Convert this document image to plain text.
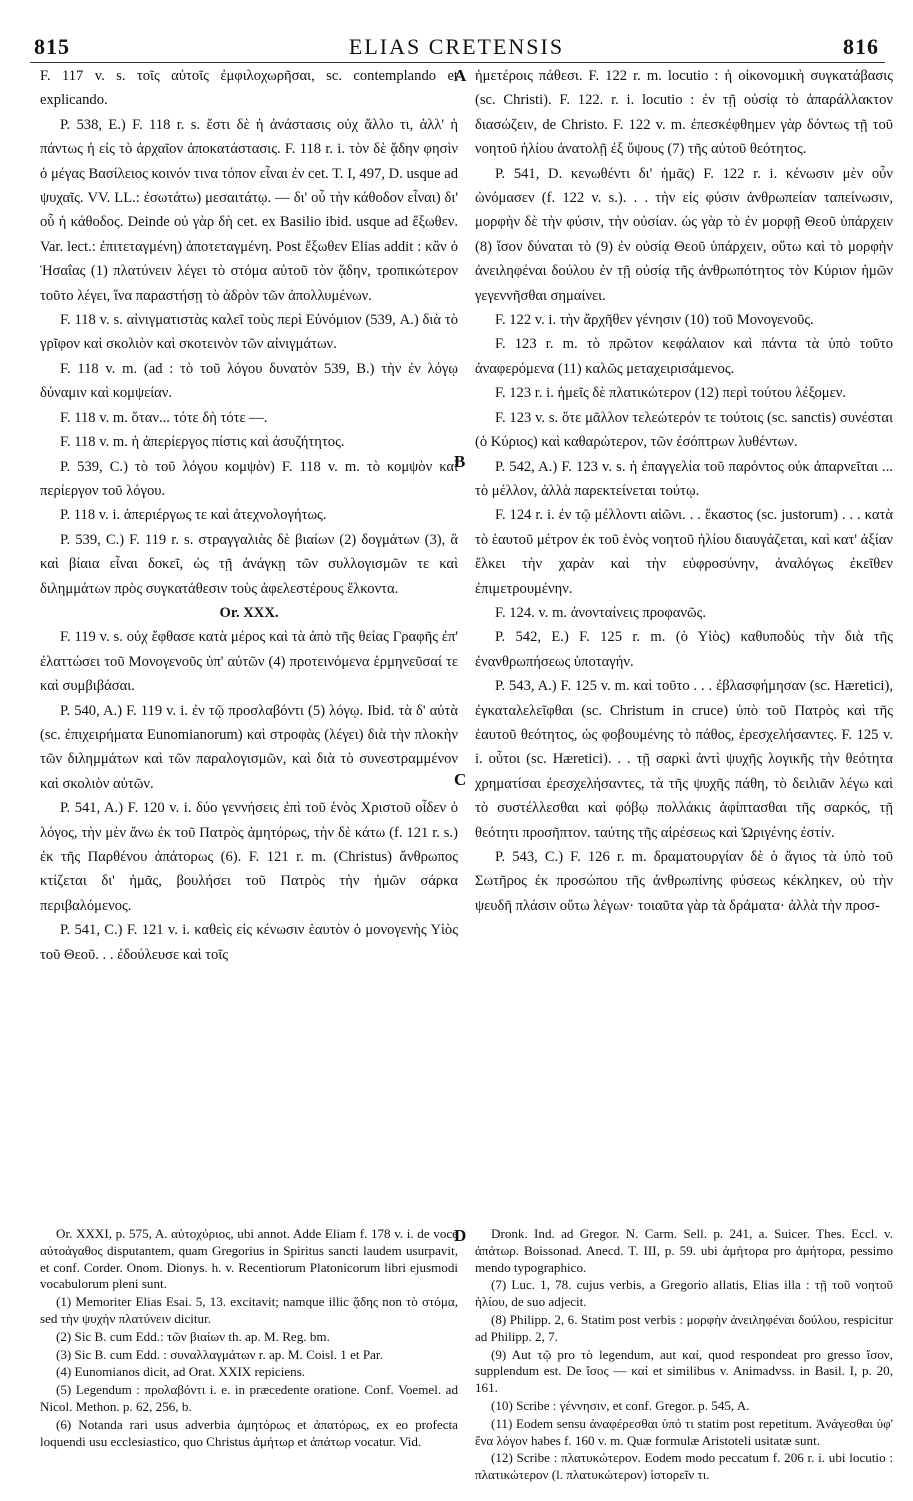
815	ELIAS CRETENSIS	816
A
B
C
D

F. 117 v. s. τοῖς αὐτοῖς ἐμφιλοχωρῆσαι, sc. contemplando et explicando.

P. 538, E.) F. 118 r. s. ἔστι δὲ ἡ ἀνάστασις οὐχ ἄλλο τι, ἀλλ' ἡ πάντως ἡ εἰς τὸ ἀρχαῖον ἀποκατάστασις. F. 118 r. i. τὸν δὲ ᾅδην φησὶν ὁ μέγας Βασίλειος κοινόν τινα τόπον εἶναι ἐν cet. T. I, 497, D. usque ad ψυχαῖς. VV. LL.: ἐσωτάτω) μεσαιτάτῳ. — δι' οὗ τὴν κάθοδον εἶναι) δι' οὗ ἡ κάθοδος. Deinde οὐ γὰρ δὴ cet. ex Basilio ibid. usque ad ἔξωθεν. Var. lect.: ἐπιτεταγμένη) ἀποτεταγμένη. Post ἔξωθεν Elias addit : κἂν ὁ Ἡσαΐας (1) πλατύνειν λέγει τὸ στόμα αὐτοῦ τὸν ᾅδην, τροπικώτερον τοῦτο λέγει, ἵνα παραστήσῃ τὸ ἀδρὸν τῶν ἀπολλυμένων.

F. 118 v. s. αἰνιγματιστὰς καλεῖ τοὺς περὶ Εὐνόμιον (539, A.) διὰ τὸ γρῖφον καὶ σκολιὸν καὶ σκοτεινὸν τῶν αἰνιγμάτων.

F. 118 v. m. (ad : τὸ τοῦ λόγου δυνατὸν 539, B.) τὴν ἐν λόγῳ δύναμιν καὶ κομψείαν.

F. 118 v. m. ὅταν... τότε δὴ τότε —.

F. 118 v. m. ἡ ἀπερίεργος πίστις καὶ ἀσυζήτητος.

P. 539, C.) τὸ τοῦ λόγου κομψὸν) F. 118 v. m. τὸ κομψὸν καὶ περίεργον τοῦ λόγου.

P. 118 v. i. ἀπεριέργως τε καὶ ἀτεχνολογήτως.

P. 539, C.) F. 119 r. s. στραγγαλιὰς δὲ βιαίων (2) δογμάτων (3), ἃ καὶ βίαια εἶναι δοκεῖ, ὡς τῇ ἀνάγκῃ τῶν συλλογισμῶν τε καὶ διλημμάτων πρὸς συγκατάθεσιν τοὺς ἀφελεστέρους ἕλκοντα.

Or. XXX.

F. 119 v. s. οὐχ ἔφθασε κατὰ μέρος καὶ τὰ ἀπὸ τῆς θείας Γραφῆς ἐπ' ἐλαττώσει τοῦ Μονογενοῦς ὑπ' αὐτῶν (4) προτεινόμενα ἑρμηνεῦσαί τε καὶ συμβιβάσαι.

P. 540, A.) F. 119 v. i. ἐν τῷ προσλαβόντι (5) λόγῳ. Ibid. τὰ δ' αὐτὰ (sc. ἐπιχειρήματα Eunomianorum) καὶ στροφὰς (λέγει) διὰ τὴν πλοκὴν τῶν διλημμάτων καὶ τῶν παραλογισμῶν, καὶ διὰ τὸ συνεστραμμένον καὶ σκολιὸν αὐτῶν.

P. 541, A.) F. 120 v. i. δύο γεννήσεις ἐπὶ τοῦ ἑνὸς Χριστοῦ οἶδεν ὁ λόγος, τὴν μὲν ἄνω ἐκ τοῦ Πατρὸς ἀμητόρως, τὴν δὲ κάτω (f. 121 r. s.) ἐκ τῆς Παρθένου ἀπάτορως (6). F. 121 r. m. (Christus) ἄνθρωπος κτίζεται δι' ἡμᾶς, βουλήσει τοῦ Πατρὸς τὴν ἡμῶν σάρκα περιβαλόμενος.

P. 541, C.) F. 121 v. i. καθεὶς εἰς κένωσιν ἑαυτὸν ὁ μονογενὴς Υἱὸς τοῦ Θεοῦ. . . ἐδούλευσε καὶ τοῖς

ἡμετέροις πάθεσι. F. 122 r. m. locutio : ἡ οἰκονομικὴ συγκατάβασις (sc. Christi). F. 122. r. i. locutio : ἐν τῇ οὐσίᾳ τὸ ἀπαράλλακτον διασώζειν, de Christo. F. 122 v. m. ἐπεσκέφθημεν γὰρ δόντως τῇ τοῦ νοητοῦ ἡλίου ἀνατολῇ ἐξ ὕψους (7) τῆς αὐτοῦ θεότητος.

P. 541, D. κενωθέντι δι' ἡμᾶς) F. 122 r. i. κένωσιν μὲν οὖν ὠνόμασεν (f. 122 v. s.). . . τὴν εἰς φύσιν ἀνθρωπείαν ταπείνωσιν, μορφὴν δὲ τὴν φύσιν, τὴν οὐσίαν. ὡς γὰρ τὸ ἐν μορφῇ Θεοῦ ὑπάρχειν (8) ἴσον δύναται τὸ (9) ἐν οὐσίᾳ Θεοῦ ὑπάρχειν, οὕτω καὶ τὸ μορφὴν ἀνειληφέναι δούλου ἐν τῇ οὐσίᾳ τῆς ἀνθρωπότητος τὸν Κύριον ἡμῶν γεγεννῆσθαι σημαίνει.

F. 122 v. i. τὴν ἄρχῆθεν γένησιν (10) τοῦ Μονογενοῦς.

F. 123 r. m. τὸ πρῶτον κεφάλαιον καὶ πάντα τὰ ὑπὸ τοῦτο ἀναφερόμενα (11) καλῶς μεταχειρισάμενος.

F. 123 r. i. ἡμεῖς δὲ πλατικώτερον (12) περὶ τούτου λέξομεν.

F. 123 v. s. ὅτε μᾶλλον τελεώτερόν τε τούτοις (sc. sanctis) συνέσται (ὁ Κύριος) καὶ καθαρώτερον, τῶν ἐσόπτρων λυθέντων.

P. 542, A.) F. 123 v. s. ἡ ἐπαγγελία τοῦ παρόντος οὐκ ἀπαρνεῖται ... τὸ μέλλον, ἀλλὰ παρεκτείνεται τούτῳ.

F. 124 r. i. ἐν τῷ μέλλοντι αἰῶνι. . . ἕκαστος (sc. justorum) . . . κατὰ τὸ ἑαυτοῦ μέτρον ἐκ τοῦ ἑνὸς νοητοῦ ἡλίου διαυγάζεται, καὶ κατ' ἀξίαν ἕλκει τὴν χαρὰν καὶ τὴν εὐφροσύνην, ἀναλόγως ἐκεῖθεν ἐπιμετρουμένην.

F. 124. v. m. ἀνονταίνεις προφανῶς.

P. 542, E.) F. 125 r. m. (ὁ Υἱὸς) καθυποδὺς τὴν διὰ τῆς ἐνανθρωπήσεως ὑποταγήν.

P. 543, A.) F. 125 v. m. καὶ τοῦτο . . . ἐβλασφήμησαν (sc. Hæretici), ἐγκαταλελεῖφθαι (sc. Christum in cruce) ὑπὸ τοῦ Πατρὸς καὶ τῆς ἑαυτοῦ θεότητος, ὡς φοβουμένης τὸ πάθος, ἐρεσχελήσαντες. F. 125 v. i. οὗτοι (sc. Hæretici). . . τῇ σαρκὶ ἀντὶ ψυχῆς λογικῆς τὴν θεότητα χρηματίσαι ἐρεσχελήσαντες, τὰ τῆς ψυχῆς πάθη, τὸ δειλιᾶν λέγω καὶ τὸ συστέλλεσθαι καὶ φόβῳ πολλάκις ἀφίπτασθαι τῆς σαρκός, τῇ θεότητι προσῆπτον. ταύτης τῆς αἱρέσεως καὶ Ὠριγένης ἐστίν.

P. 543, C.) F. 126 r. m. δραματουργίαν δὲ ὁ ἅγιος τὰ ὑπὸ τοῦ Σωτῆρος ἐκ προσώπου τῆς ἀνθρωπίνης φύσεως κέκληκεν, οὐ τὴν ψευδῆ πλάσιν οὕτω λέγων· τοιαῦτα γὰρ τὰ δράματα· ἀλλὰ τὴν προσ-

Or. XXXI, p. 575, A. αὐτοχύριος, ubi annot. Adde Eliam f. 178 v. i. de voce αὐτοάγαθος disputantem, quam Gregorius in Spiritus sancti laudem usurpavit, et conf. Corder. Onom. Dionys. h. v. Recentiorum Platonicorum libri ejusmodi vocabulorum pleni sunt.

(1) Memoriter Elias Esai. 5, 13. excitavit; namque illic ᾅδης non τὸ στόμα, sed τὴν ψυχὴν πλατύνειν dicitur.

(2) Sic B. cum Edd.: τῶν βιαίων th. ap. M. Reg. bm.

(3) Sic B. cum Edd. : συναλλαγμάτων r. ap. M. Coisl. 1 et Par.

(4) Eunomianos dicit, ad Orat. XXIX repiciens.

(5) Legendum : προλαβόντι i. e. in præcedente oratione. Conf. Voemel. ad Nicol. Methon. p. 62, 256, b.

(6) Notanda rari usus adverbia ἀμητόρως et ἀπατόρως, ex eo profecta loquendi usu ecclesiastico, quo Christus ἀμήτωρ et ἀπάτωρ vocatur. Vid.

Dronk. Ind. ad Gregor. N. Carm. Sell. p. 241, a. Suicer. Thes. Eccl. v. ἀπάτωρ. Boissonad. Anecd. T. III, p. 59. ubi ἀμήτορα pro ἀμήτορα, pessimo mendo typographico.

(7) Luc. 1, 78. cujus verbis, a Gregorio allatis, Elias illa : τῇ τοῦ νοητοῦ ἡλίου, de suo adjecit.

(8) Philipp. 2, 6. Statim post verbis : μορφὴν ἀνειληφέναι δούλου, respicitur ad Philipp. 2, 7.

(9) Aut τῷ pro τὸ legendum, aut καί, quod respondeat pro gresso ἴσον, supplendum est. De ἴσος — καί et similibus v. Animadvss. in Basil. I, p. 20, 161.

(10) Scribe : γέννησιν, et conf. Gregor. p. 545, A.

(11) Eodem sensu ἀναφέρεσθαι ὑπό τι statim post repetitum. Ἀνάγεσθαι ὑφ' ἕνα λόγον habes f. 160 v. m. Quæ formulæ Aristoteli usitatæ sunt.

(12) Scribe : πλατυκώτερον. Eodem modo peccatum f. 206 r. i. ubi locutio : πλατικώτερον (l. πλατυκώτερον) ἱστορεῖν τι.
